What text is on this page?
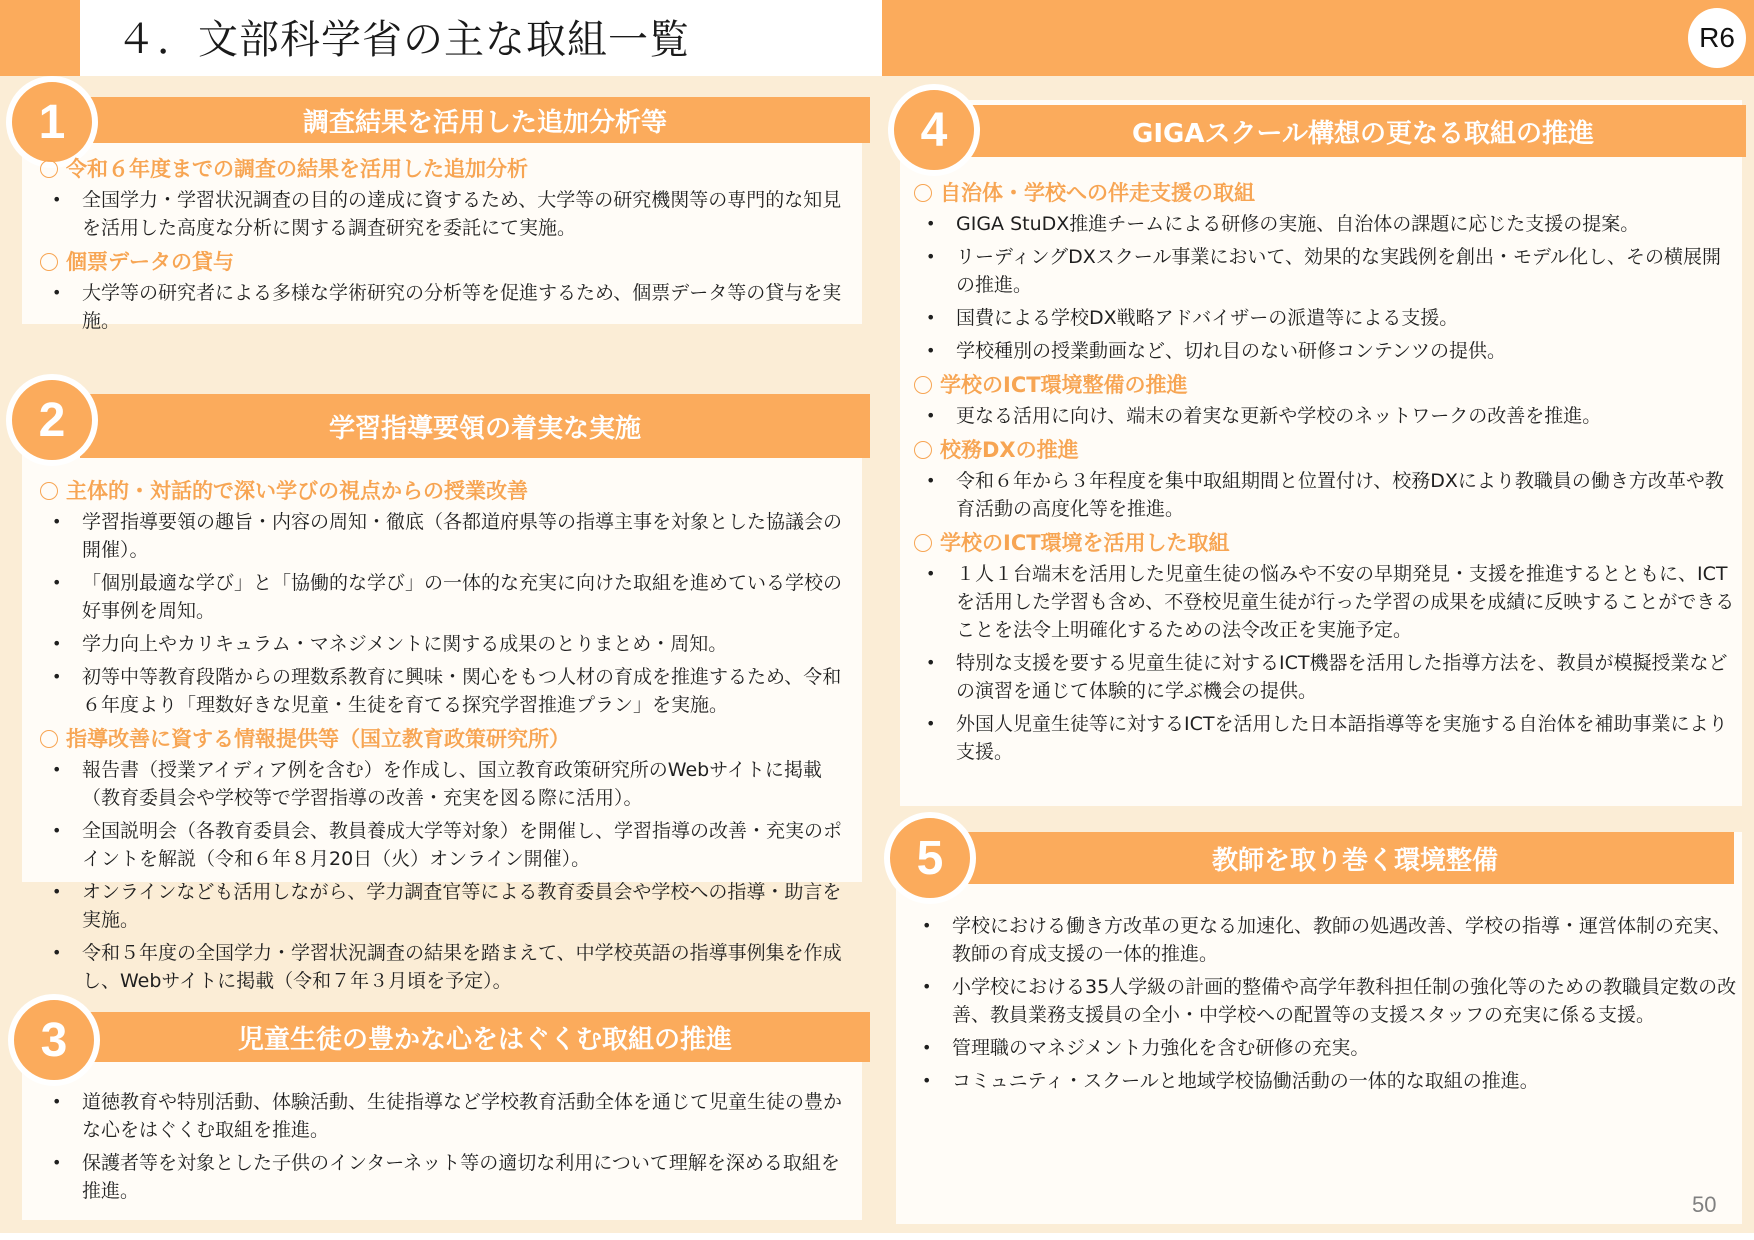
４．文部科学省の主な取組一覧	R6
調査結果を活用した追加分析等
1
令和６年度までの調査の結果を活用した追加分析
• 全国学力・学習状況調査の目的の達成に資するため、大学等の研究機関等の専門的な知見を活用した高度な分析に関する調査研究を委託にて実施。
個票データの貸与
• 大学等の研究者による多様な学術研究の分析等を促進するため、個票データ等の貸与を実施。
学習指導要領の着実な実施
2
主体的・対話的で深い学びの視点からの授業改善
• 学習指導要領の趣旨・内容の周知・徹底（各都道府県等の指導主事を対象とした協議会の開催）。
• 「個別最適な学び」と「協働的な学び」の一体的な充実に向けた取組を進めている学校の好事例を周知。
• 学力向上やカリキュラム・マネジメントに関する成果のとりまとめ・周知。
• 初等中等教育段階からの理数系教育に興味・関心をもつ人材の育成を推進するため、令和６年度より「理数好きな児童・生徒を育てる探究学習推進プラン」を実施。
指導改善に資する情報提供等（国立教育政策研究所）
• 報告書（授業アイディア例を含む）を作成し、国立教育政策研究所のWebサイトに掲載（教育委員会や学校等で学習指導の改善・充実を図る際に活用）。
• 全国説明会（各教育委員会、教員養成大学等対象）を開催し、学習指導の改善・充実のポイントを解説（令和６年８月20日（火）オンライン開催）。
• オンラインなども活用しながら、学力調査官等による教育委員会や学校への指導・助言を実施。
• 令和５年度の全国学力・学習状況調査の結果を踏まえて、中学校英語の指導事例集を作成し、Webサイトに掲載（令和７年３月頃を予定）。
児童生徒の豊かな心をはぐくむ取組の推進
3
• 道徳教育や特別活動、体験活動、生徒指導など学校教育活動全体を通じて児童生徒の豊かな心をはぐくむ取組を推進。
• 保護者等を対象とした子供のインターネット等の適切な利用について理解を深める取組を推進。
GIGAスクール構想の更なる取組の推進
4
自治体・学校への伴走支援の取組
• GIGA StuDX推進チームによる研修の実施、自治体の課題に応じた支援の提案。
• リーディングDXスクール事業において、効果的な実践例を創出・モデル化し、その横展開の推進。
• 国費による学校DX戦略アドバイザーの派遣等による支援。
• 学校種別の授業動画など、切れ目のない研修コンテンツの提供。
学校のICT環境整備の推進
• 更なる活用に向け、端末の着実な更新や学校のネットワークの改善を推進。
校務DXの推進
• 令和６年から３年程度を集中取組期間と位置付け、校務DXにより教職員の働き方改革や教育活動の高度化等を推進。
学校のICT環境を活用した取組
• １人１台端末を活用した児童生徒の悩みや不安の早期発見・支援を推進するとともに、ICTを活用した学習も含め、不登校児童生徒が行った学習の成果を成績に反映することができることを法令上明確化するための法令改正を実施予定。
• 特別な支援を要する児童生徒に対するICT機器を活用した指導方法を、教員が模擬授業などの演習を通じて体験的に学ぶ機会の提供。
• 外国人児童生徒等に対するICTを活用した日本語指導等を実施する自治体を補助事業により支援。
教師を取り巻く環境整備
5
• 学校における働き方改革の更なる加速化、教師の処遇改善、学校の指導・運営体制の充実、教師の育成支援の一体的推進。
• 小学校における35人学級の計画的整備や高学年教科担任制の強化等のための教職員定数の改善、教員業務支援員の全小・中学校への配置等の支援スタッフの充実に係る支援。
• 管理職のマネジメント力強化を含む研修の充実。
• コミュニティ・スクールと地域学校協働活動の一体的な取組の推進。
50
